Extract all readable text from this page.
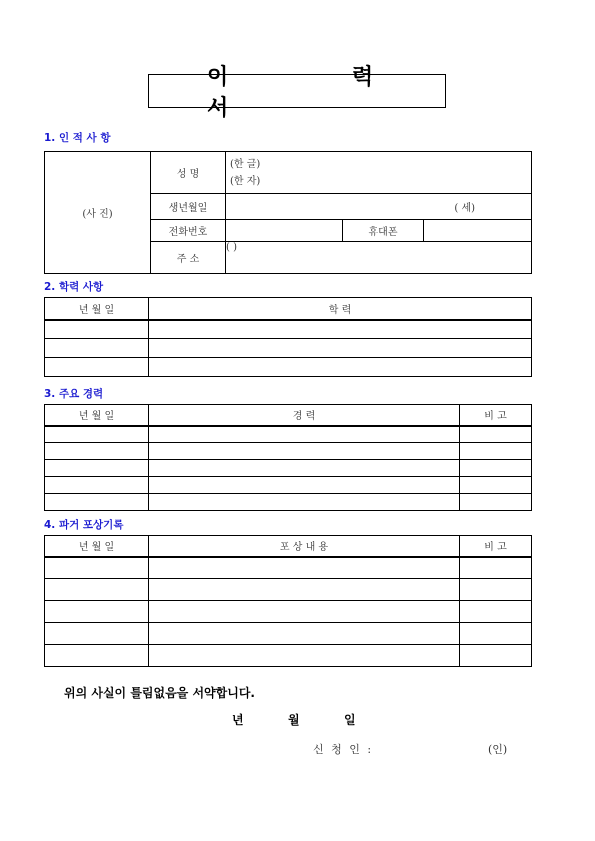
이 력 서
1. 인 적 사 항
(사 진)	성 명	(한 글)
(한 자)		

	생년월일	( 세)		
	전화번호		휴대폰	
	주 소	( )		
2. 학력 사항
년 월 일	학 력

3. 주요 경력
년 월 일	경 력	비 고

4. 파거 포상기록
년 월 일	포 상 내 용	비 고

위의 사실이 틀림없음을 서약합니다.
년	월	일
신 청 인 :	(인)
